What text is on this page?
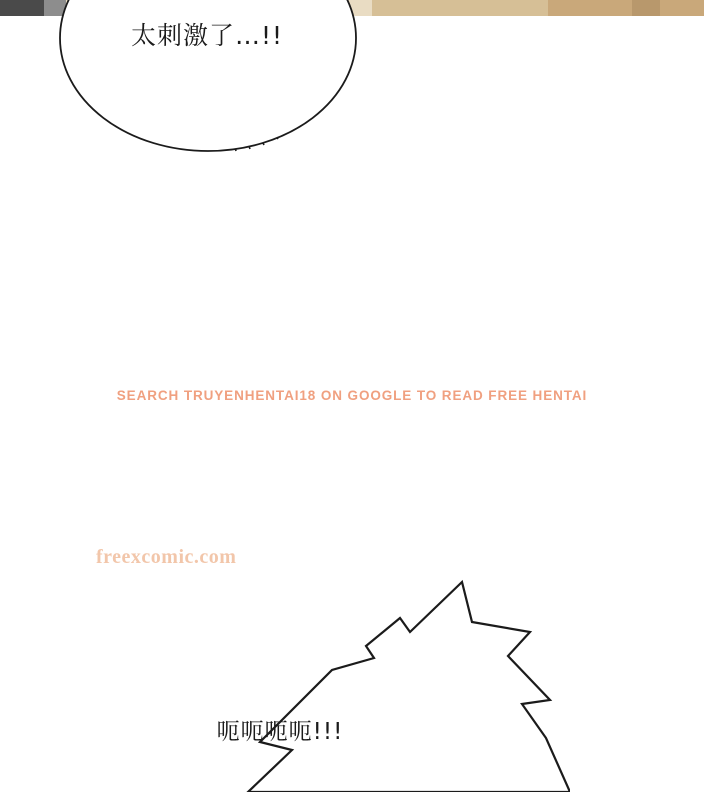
太刺激了…!!
SEARCH TRUYENHENTAI18 ON GOOGLE TO READ FREE HENTAI
freexcomic.com
呃呃呃呃!!!
